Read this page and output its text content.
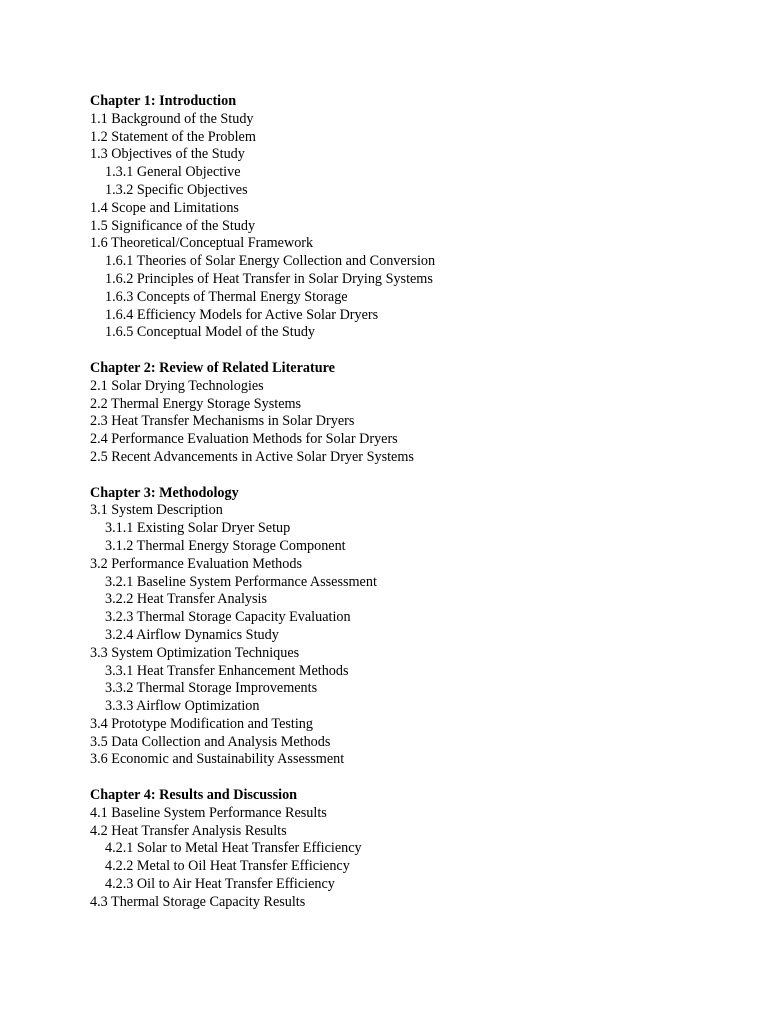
Chapter 1: Introduction
1.1 Background of the Study
1.2 Statement of the Problem
1.3 Objectives of the Study
1.3.1 General Objective
1.3.2 Specific Objectives
1.4 Scope and Limitations
1.5 Significance of the Study
1.6 Theoretical/Conceptual Framework
1.6.1 Theories of Solar Energy Collection and Conversion
1.6.2 Principles of Heat Transfer in Solar Drying Systems
1.6.3 Concepts of Thermal Energy Storage
1.6.4 Efficiency Models for Active Solar Dryers
1.6.5 Conceptual Model of the Study
Chapter 2: Review of Related Literature
2.1 Solar Drying Technologies
2.2 Thermal Energy Storage Systems
2.3 Heat Transfer Mechanisms in Solar Dryers
2.4 Performance Evaluation Methods for Solar Dryers
2.5 Recent Advancements in Active Solar Dryer Systems
Chapter 3: Methodology
3.1 System Description
3.1.1 Existing Solar Dryer Setup
3.1.2 Thermal Energy Storage Component
3.2 Performance Evaluation Methods
3.2.1 Baseline System Performance Assessment
3.2.2 Heat Transfer Analysis
3.2.3 Thermal Storage Capacity Evaluation
3.2.4 Airflow Dynamics Study
3.3 System Optimization Techniques
3.3.1 Heat Transfer Enhancement Methods
3.3.2 Thermal Storage Improvements
3.3.3 Airflow Optimization
3.4 Prototype Modification and Testing
3.5 Data Collection and Analysis Methods
3.6 Economic and Sustainability Assessment
Chapter 4: Results and Discussion
4.1 Baseline System Performance Results
4.2 Heat Transfer Analysis Results
4.2.1 Solar to Metal Heat Transfer Efficiency
4.2.2 Metal to Oil Heat Transfer Efficiency
4.2.3 Oil to Air Heat Transfer Efficiency
4.3 Thermal Storage Capacity Results
